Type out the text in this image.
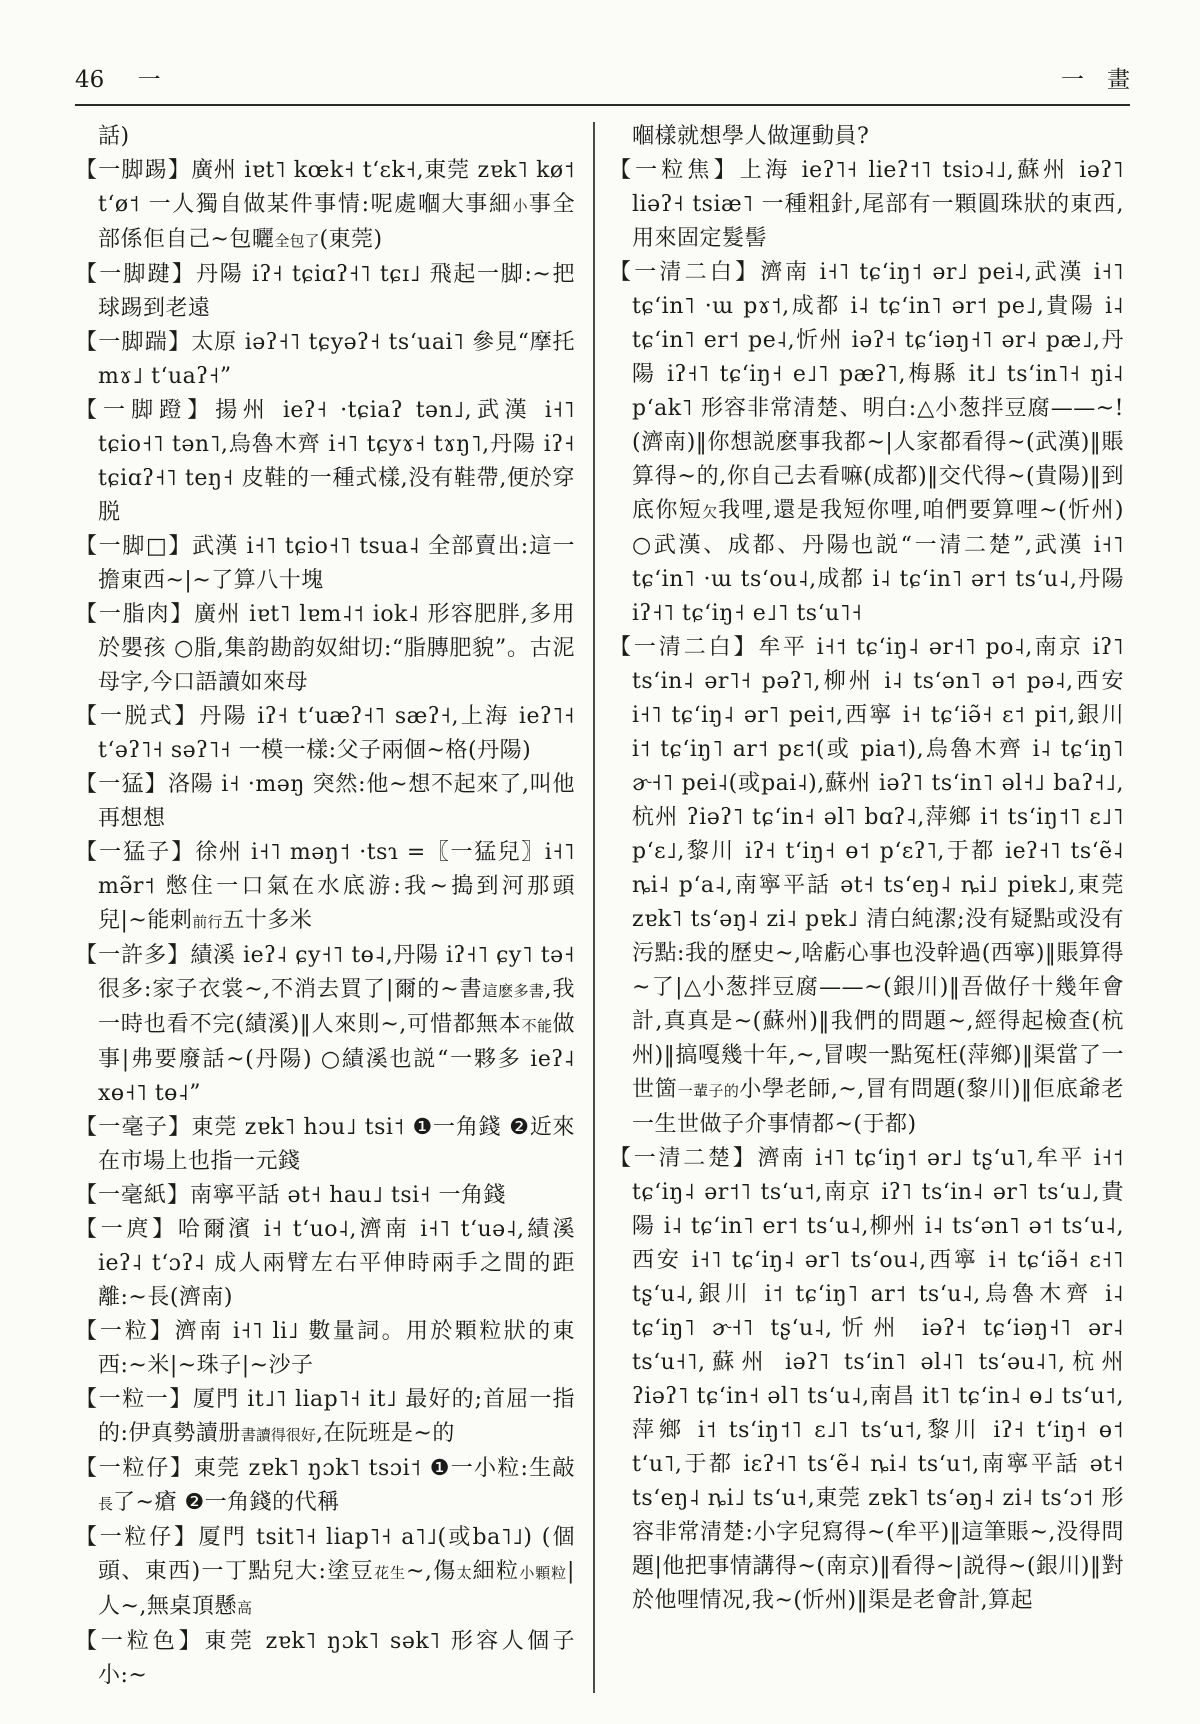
46 一	一　畫

話)

【一脚踢】廣州 iɐt˥ kœk˧ tʻɛk˧,東莞 zɐk˥ kø˦ tʻø˦ 一人獨自做某件事情:呢處嗰大事細小事全部係佢自己~包曬全包了(東莞)

【一脚踺】丹陽 iʔ˧ tɕiɑʔ˧˥ tɕɪ˩ 飛起一脚:~把球踢到老遠

【一脚踹】太原 iəʔ˧˥ tɕyəʔ˧ tsʻuai˥ 參見“摩托 mɤ˩ tʻuaʔ˧”

【一脚蹬】揚州 ieʔ˧ ·tɕiaʔ tən˩,武漢 i˧˥ tɕio˧˥ tən˥,烏魯木齊 i˧˥ tɕyɤ˧ tɤŋ˥,丹陽 iʔ˧ tɕiɑʔ˧˥ teŋ˧ 皮鞋的一種式樣,没有鞋帶,便於穿脱

【一脚□】武漢 i˧˥ tɕio˧˥ tsua˨ 全部賣出:這一擔東西~|~了算八十塊

【一脂肉】廣州 iɐt˥ lɐm˨˦ iok˨ 形容肥胖,多用於嬰孩 ○脂,集韵勘韵奴紺切:“脂膞肥貌”。古泥母字,今口語讀如來母

【一脱式】丹陽 iʔ˧ tʻuæʔ˧˥ sæʔ˧,上海 ieʔ˥˧ tʻəʔ˥˧ səʔ˥˧ 一模一樣:父子兩個~格(丹陽)

【一猛】洛陽 i˧ ·məŋ 突然:他~想不起來了,叫他再想想

【一猛子】徐州 i˧˥ məŋ˦ ·tsɿ =〖一猛兒〗i˧˥ mə̃r˦ 憋住一口氣在水底游:我~搗到河那頭兒|~能刺前行五十多米

【一許多】績溪 ieʔ˨ ɕy˧˥ tɵ˨,丹陽 iʔ˧˥ ɕy˥ tə˧ 很多:家子衣裳~,不消去買了|爾的~書這麽多書,我一時也看不完(績溪)‖人來則~,可惜都無本不能做事|弗要廢話~(丹陽) ○績溪也説“一夥多 ieʔ˨ xɵ˧˥ tɵ˨”

【一毫子】東莞 zɐk˥ hɔu˩ tsi˦ ❶一角錢 ❷近來在市場上也指一元錢

【一毫紙】南寧平話 ət˧ hau˩ tsi˧ 一角錢

【一庹】哈爾濱 i˧ tʻuo˨,濟南 i˧˥ tʻuə˨,績溪 ieʔ˨ tʻɔʔ˨ 成人兩臂左右平伸時兩手之間的距離:~長(濟南)

【一粒】濟南 i˧˥ li˩ 數量詞。用於顆粒狀的東西:~米|~珠子|~沙子

【一粒一】厦門 it˩˥ liap˥˧ it˩ 最好的;首屈一指的:伊真勢讀册書讀得很好,在阮班是~的

【一粒仔】東莞 zɐk˥ ŋɔk˥ tsɔi˦ ❶一小粒:生敲長了~瘡 ❷一角錢的代稱

【一粒仔】厦門 tsit˥˧ liap˥˧ a˥˩(或ba˥˩) (個頭、東西)一丁點兒大:塗豆花生~,傷太細粒小顆粒|人~,無桌頂懸高

【一粒色】東莞 zɐk˥ ŋɔk˥ sək˥ 形容人個子小:~

嗰樣就想學人做運動員?

【一粒焦】上海 ieʔ˥˧ lieʔ˦˥ tsiɔ˨˩,蘇州 iəʔ˥ liəʔ˧ tsiæ˥ 一種粗針,尾部有一顆圓珠狀的東西,用來固定髮髻

【一清二白】濟南 i˧˥ tɕʻiŋ˦ ər˩ pei˨,武漢 i˧˥ tɕʻin˥ ·ɯ pɤ˦,成都 i˨ tɕʻin˥ ər˦ pe˩,貴陽 i˨ tɕʻin˥ er˦ pe˨,忻州 iəʔ˧ tɕʻiəŋ˧˥ ər˨ pæ˩,丹陽 iʔ˧˥ tɕʻiŋ˧ e˩˥ pæʔ˥,梅縣 it˩ tsʻin˥˧ ŋi˨ pʻak˥ 形容非常清楚、明白:△小葱拌豆腐——~!(濟南)‖你想説麽事我都~|人家都看得~(武漢)‖賬算得~的,你自己去看嘛(成都)‖交代得~(貴陽)‖到底你短欠我哩,還是我短你哩,咱們要算哩~(忻州) ○武漢、成都、丹陽也説“一清二楚”,武漢 i˧˥ tɕʻin˥ ·ɯ tsʻou˨,成都 i˨ tɕʻin˥ ər˦ tsʻu˨,丹陽 iʔ˧˥ tɕʻiŋ˧ e˩˥ tsʻu˥˧

【一清二白】牟平 i˧˦ tɕʻiŋ˨ ər˧˥ po˨,南京 iʔ˥ tsʻin˨ ər˥˧ pəʔ˥,柳州 i˨ tsʻən˥ ə˦ pə˨,西安 i˧˥ tɕʻiŋ˨ ər˥ pei˦,西寧 i˧ tɕʻiə̃˧ ɛ˦ pi˦,銀川 i˦ tɕʻiŋ˥ ar˦ pɛ˦(或 pia˦),烏魯木齊 i˨ tɕʻiŋ˥ ɚ˧˥ pei˨(或pai˨),蘇州 iəʔ˥ tsʻin˥ əl˧˩ baʔ˧˩,杭州 ʔiəʔ˥ tɕʻin˧ əl˥ bɑʔ˨,萍鄉 i˦ tsʻiŋ˦˥ ɛ˩˥ pʻɛ˩,黎川 iʔ˧ tʻiŋ˧ ɵ˦ pʻɛʔ˥,于都 ieʔ˧˥ tsʻẽ˨ ȵi˨ pʻa˨,南寧平話 ət˧ tsʻeŋ˨ ȵi˩ piɐk˩,東莞 zɐk˥ tsʻəŋ˨ zi˨ pɐk˩ 清白純潔;没有疑點或没有污點:我的歷史~,啥虧心事也没幹過(西寧)‖賬算得~了|△小葱拌豆腐——~(銀川)‖吾做仔十幾年會計,真真是~(蘇州)‖我們的問題~,經得起檢查(杭州)‖搞嘎幾十年,~,冒喫一點冤枉(萍鄉)‖渠當了一世箇一輩子的小學老師,~,冒有問題(黎川)‖佢底爺老一生世做子介事情都~(于都)

【一清二楚】濟南 i˧˥ tɕʻiŋ˦ ər˩ tʂʻu˥,牟平 i˧˦ tɕʻiŋ˨ ər˦˥ tsʻu˦,南京 iʔ˥ tsʻin˨ ər˥ tsʻu˩,貴陽 i˨ tɕʻin˥ er˦ tsʻu˨,柳州 i˨ tsʻən˥ ə˦ tsʻu˨,西安 i˧˥ tɕʻiŋ˨ ər˥ tsʻou˨,西寧 i˧ tɕʻiə̃˧ ɛ˧˥ tʂʻu˨,銀川 i˦ tɕʻiŋ˥ ar˦ tsʻu˨,烏魯木齊 i˨ tɕʻiŋ˥ ɚ˧˥ tʂʻu˨,忻州 iəʔ˧ tɕʻiəŋ˧˥ ər˨ tsʻu˧˥,蘇州 iəʔ˥ tsʻin˥ əl˨˥ tsʻəu˨˥,杭州 ʔiəʔ˥ tɕʻin˧ əl˥ tsʻu˨,南昌 it˥ tɕʻin˨ ɵ˩ tsʻu˦,萍鄉 i˦ tsʻiŋ˦˥ ɛ˩˥ tsʻu˦,黎川 iʔ˧ tʻiŋ˧ ɵ˦ tʻu˥,于都 iɛʔ˧˥ tsʻẽ˨ ȵi˨ tsʻu˦,南寧平話 ət˧ tsʻeŋ˨ ȵi˩ tsʻu˧,東莞 zɐk˥ tsʻəŋ˨ zi˨ tsʻɔ˦ 形容非常清楚:小字兒寫得~(牟平)‖這筆賬~,没得問題|他把事情講得~(南京)‖看得~|説得~(銀川)‖對於他哩情况,我~(忻州)‖渠是老會計,算起
